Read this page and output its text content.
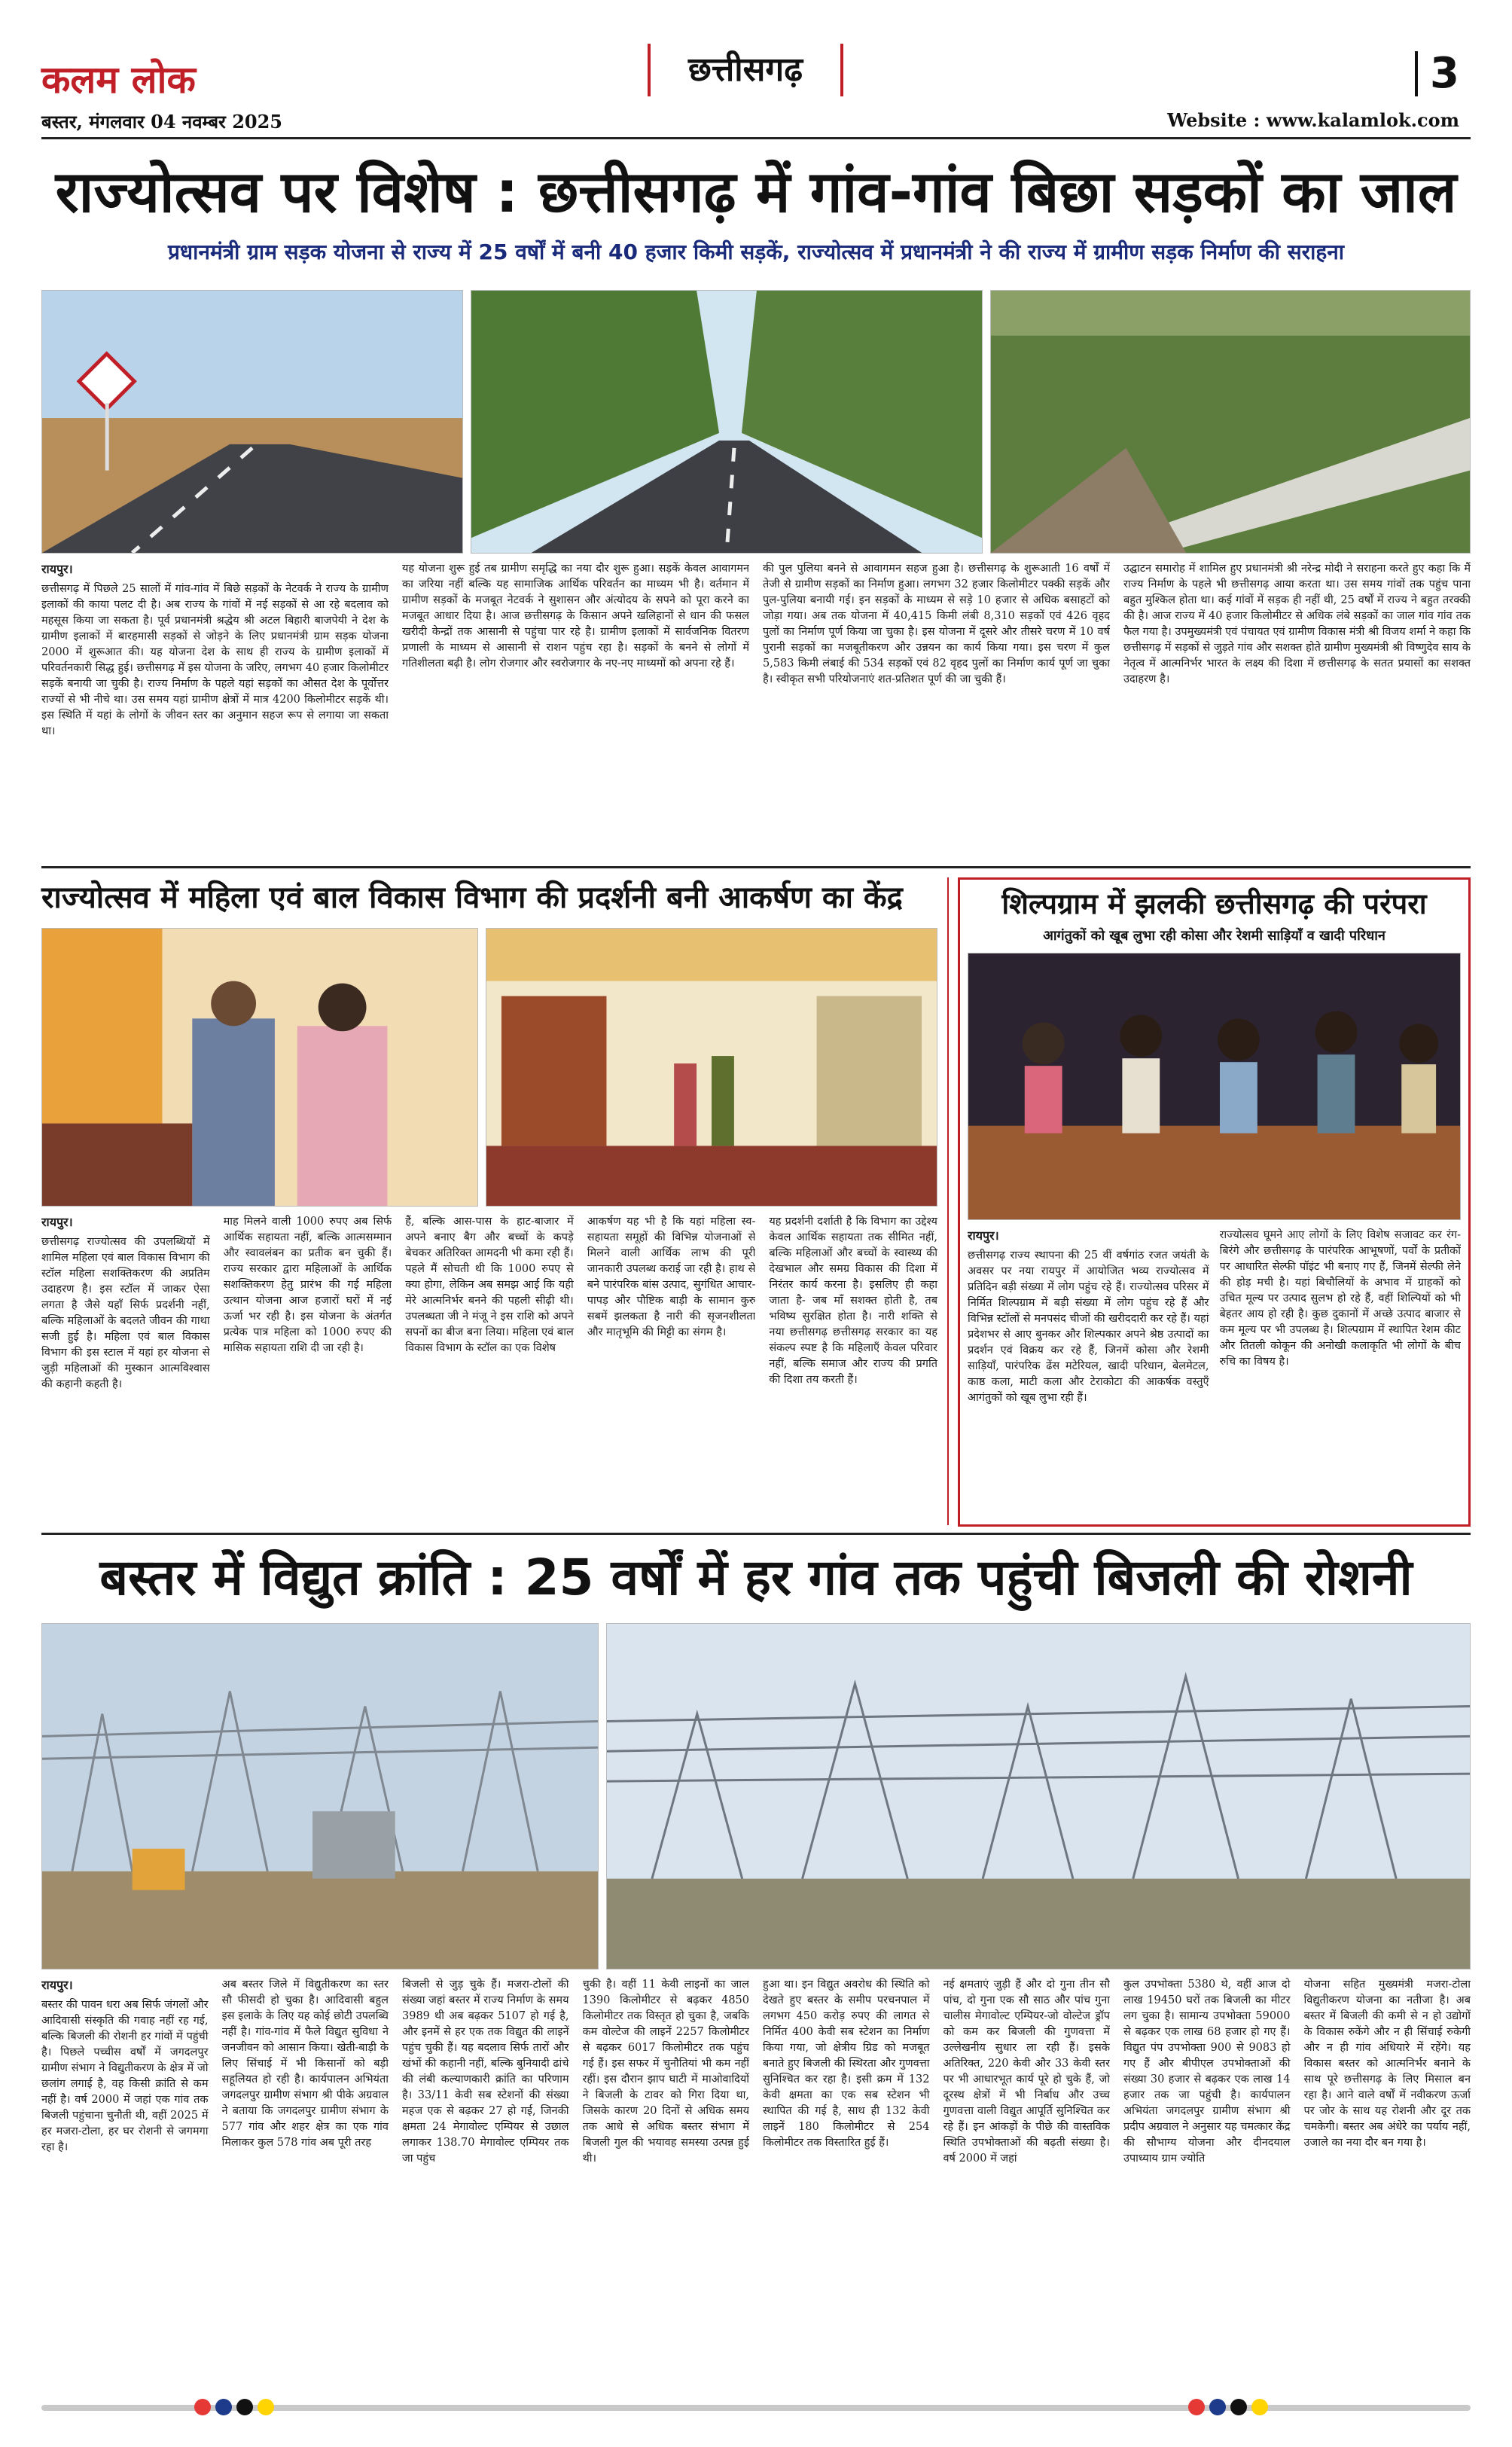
कलम लोक	छत्तीसगढ़	3
बस्तर, मंगलवार 04 नवम्बर 2025	Website : www.kalamlok.com
राज्योत्सव पर विशेष : छत्तीसगढ़ में गांव-गांव बिछा सड़कों का जाल
प्रधानमंत्री ग्राम सड़क योजना से राज्य में 25 वर्षों में बनी 40 हजार किमी सड़कें, राज्योत्सव में प्रधानमंत्री ने की राज्य में ग्रामीण सड़क निर्माण की सराहना
रायपुर।
छत्तीसगढ़ में पिछले 25 सालों में गांव-गांव में बिछे सड़कों के नेटवर्क ने राज्य के ग्रामीण इलाकों की काया पलट दी है। अब राज्य के गांवों में नई सड़कों से आ रहे बदलाव को महसूस किया जा सकता है। पूर्व प्रधानमंत्री श्रद्धेय श्री अटल बिहारी बाजपेयी ने देश के ग्रामीण इलाकों में बारहमासी सड़कों से जोड़ने के लिए प्रधानमंत्री ग्राम सड़क योजना 2000 में शुरूआत की। यह योजना देश के साथ ही राज्य के ग्रामीण इलाकों में परिवर्तनकारी सिद्ध हुई। छत्तीसगढ़ में इस योजना के जरिए, लगभग 40 हजार किलोमीटर सड़कें बनायी जा चुकी है। राज्य निर्माण के पहले यहां सड़कों का औसत देश के पूर्वोत्तर राज्यों से भी नीचे था। उस समय यहां ग्रामीण क्षेत्रों में मात्र 4200 किलोमीटर सड़कें थी। इस स्थिति में यहां के लोगों के जीवन स्तर का अनुमान सहज रूप से लगाया जा सकता था।
यह योजना शुरू हुई तब ग्रामीण समृद्धि का नया दौर शुरू हुआ। सड़कें केवल आवागमन का जरिया नहीं बल्कि यह सामाजिक आर्थिक परिवर्तन का माध्यम भी है। वर्तमान में ग्रामीण सड़कों के मजबूत नेटवर्क ने सुशासन और अंत्योदय के सपने को पूरा करने का मजबूत आधार दिया है। आज छत्तीसगढ़ के किसान अपने खलिहानों से धान की फसल खरीदी केन्द्रों तक आसानी से पहुंचा पार रहे है। ग्रामीण इलाकों में सार्वजनिक वितरण प्रणाली के माध्यम से आसानी से राशन पहुंच रहा है। सड़कों के बनने से लोगों में गतिशीलता बढ़ी है। लोग रोजगार और स्वरोजगार के नए-नए माध्यमों को अपना रहे हैं।
की पुल पुलिया बनने से आवागमन सहज हुआ है। छत्तीसगढ़ के शुरूआती 16 वर्षों में तेजी से ग्रामीण सड़कों का निर्माण हुआ। लगभग 32 हजार किलोमीटर पक्की सड़कें और पुल-पुलिया बनायी गई। इन सड़कों के माध्यम से सड़े 10 हजार से अधिक बसाहटों को जोड़ा गया। अब तक योजना में 40,415 किमी लंबी 8,310 सड़कों एवं 426 वृहद पुलों का निर्माण पूर्ण किया जा चुका है। इस योजना में दूसरे और तीसरे चरण में 10 वर्ष पुरानी सड़कों का मजबूतीकरण और उन्नयन का कार्य किया गया। इस चरण में कुल 5,583 किमी लंबाई की 534 सड़कों एवं 82 वृहद पुलों का निर्माण कार्य पूर्ण जा चुका है। स्वीकृत सभी परियोजनाएं शत-प्रतिशत पूर्ण की जा चुकी हैं।
उद्घाटन समारोह में शामिल हुए प्रधानमंत्री श्री नरेन्द्र मोदी ने सराहना करते हुए कहा कि मैं राज्य निर्माण के पहले भी छत्तीसगढ़ आया करता था। उस समय गांवों तक पहुंच पाना बहुत मुश्किल होता था। कई गांवों में सड़क ही नहीं थी, 25 वर्षों में राज्य ने बहुत तरक्की की है। आज राज्य में 40 हजार किलोमीटर से अधिक लंबे सड़कों का जाल गांव गांव तक फैल गया है। उपमुख्यमंत्री एवं पंचायत एवं ग्रामीण विकास मंत्री श्री विजय शर्मा ने कहा कि छत्तीसगढ़ में सड़कों से जुड़ते गांव और सशक्त होते ग्रामीण मुख्यमंत्री श्री विष्णुदेव साय के नेतृत्व में आत्मनिर्भर भारत के लक्ष्य की दिशा में छत्तीसगढ़ के सतत प्रयासों का सशक्त उदाहरण है।
राज्योत्सव में महिला एवं बाल विकास विभाग की प्रदर्शनी बनी आकर्षण का केंद्र
रायपुर।
छत्तीसगढ़ राज्योत्सव की उपलब्धियों में शामिल महिला एवं बाल विकास विभाग की स्टॉल महिला सशक्तिकरण की अप्रतिम उदाहरण है। इस स्टॉल में जाकर ऐसा लगता है जैसे यहाँ सिर्फ प्रदर्शनी नहीं, बल्कि महिलाओं के बदलते जीवन की गाथा सजी हुई है। महिला एवं बाल विकास विभाग की इस स्टाल में यहां हर योजना से जुड़ी महिलाओं की मुस्कान आत्मविश्वास की कहानी कहती है।
माह मिलने वाली 1000 रुपए अब सिर्फ आर्थिक सहायता नहीं, बल्कि आत्मसम्मान और स्वावलंबन का प्रतीक बन चुकी हैं। राज्य सरकार द्वारा महिलाओं के आर्थिक सशक्तिकरण हेतु प्रारंभ की गई महिला उत्थान योजना आज हजारों घरों में नई ऊर्जा भर रही है। इस योजना के अंतर्गत प्रत्येक पात्र महिला को 1000 रुपए की मासिक सहायता राशि दी जा रही है।
हैं, बल्कि आस-पास के हाट-बाजार में अपने बनाए बैग और बच्चों के कपड़े बेचकर अतिरिक्त आमदनी भी कमा रही हैं। पहले मैं सोचती थी कि 1000 रुपए से क्या होगा, लेकिन अब समझ आई कि यही मेरे आत्मनिर्भर बनने की पहली सीढ़ी थी। उपलब्धता जी ने मंजू ने इस राशि को अपने सपनों का बीज बना लिया। महिला एवं बाल विकास विभाग के स्टॉल का एक विशेष
आकर्षण यह भी है कि यहां महिला स्व-सहायता समूहों की विभिन्न योजनाओं से मिलने वाली आर्थिक लाभ की पूरी जानकारी उपलब्ध कराई जा रही है। हाथ से बने पारंपरिक बांस उत्पाद, सुगंधित आचार-पापड़ और पौष्टिक बाड़ी के सामान कुरु सबमें झलकता है नारी की सृजनशीलता और मातृभूमि की मिट्टी का संगम है।
यह प्रदर्शनी दर्शाती है कि विभाग का उद्देश्य केवल आर्थिक सहायता तक सीमित नहीं, बल्कि महिलाओं और बच्चों के स्वास्थ्य की देखभाल और समग्र विकास की दिशा में निरंतर कार्य करना है। इसलिए ही कहा जाता है- जब माँ सशक्त होती है, तब भविष्य सुरक्षित होता है। नारी शक्ति से नया छत्तीसगढ़ छत्तीसगढ़ सरकार का यह संकल्प स्पष्ट है कि महिलाएँ केवल परिवार नहीं, बल्कि समाज और राज्य की प्रगति की दिशा तय करती हैं।
शिल्पग्राम में झलकी छत्तीसगढ़ की परंपरा
आगंतुकों को खूब लुभा रही कोसा और रेशमी साड़ियाँ व खादी परिधान
रायपुर।
छत्तीसगढ़ राज्य स्थापना की 25 वीं वर्षगांठ रजत जयंती के अवसर पर नया रायपुर में आयोजित भव्य राज्योत्सव में प्रतिदिन बड़ी संख्या में लोग पहुंच रहे हैं। राज्योत्सव परिसर में निर्मित शिल्पग्राम में बड़ी संख्या में लोग पहुंच रहे हैं और विभिन्न स्टॉलों से मनपसंद चीजों की खरीददारी कर रहे हैं। यहां प्रदेशभर से आए बुनकर और शिल्पकार अपने श्रेष्ठ उत्पादों का प्रदर्शन एवं विक्रय कर रहे हैं, जिनमें कोसा और रेशमी साड़ियाँ, पारंपरिक ढेंस मटेरियल, खादी परिधान, बेलमेटल, काष्ठ कला, माटी कला और टेराकोटा की आकर्षक वस्तुएँ आगंतुकों को खूब लुभा रही हैं।
राज्योत्सव घूमने आए लोगों के लिए विशेष सजावट कर रंग-बिरंगे और छत्तीसगढ़ के पारंपरिक आभूषणों, पर्वों के प्रतीकों पर आधारित सेल्फी पॉइंट भी बनाए गए हैं, जिनमें सेल्फी लेने की होड़ मची है। यहां बिचौलियों के अभाव में ग्राहकों को उचित मूल्य पर उत्पाद सुलभ हो रहे हैं, वहीं शिल्पियों को भी बेहतर आय हो रही है। कुछ दुकानों में अच्छे उत्पाद बाजार से कम मूल्य पर भी उपलब्ध है। शिल्पग्राम में स्थापित रेशम कीट और तितली कोकून की अनोखी कलाकृति भी लोगों के बीच रुचि का विषय है।
बस्तर में विद्युत क्रांति : 25 वर्षों में हर गांव तक पहुंची बिजली की रोशनी
रायपुर।
बस्तर की पावन धरा अब सिर्फ जंगलों और आदिवासी संस्कृति की गवाह नहीं रह गई, बल्कि बिजली की रोशनी हर गांवों में पहुंची है। पिछले पच्चीस वर्षों में जगदलपुर ग्रामीण संभाग ने विद्युतीकरण के क्षेत्र में जो छलांग लगाई है, वह किसी क्रांति से कम नहीं है। वर्ष 2000 में जहां एक गांव तक बिजली पहुंचाना चुनौती थी, वहीं 2025 में हर मजरा-टोला, हर घर रोशनी से जगमगा रहा है।
अब बस्तर जिले में विद्युतीकरण का स्तर सौ फीसदी हो चुका है। आदिवासी बहुल इस इलाके के लिए यह कोई छोटी उपलब्धि नहीं है। गांव-गांव में फैले विद्युत सुविधा ने जनजीवन को आसान किया। खेती-बाड़ी के लिए सिंचाई में भी किसानों को बड़ी सहूलियत हो रही है। कार्यपालन अभियंता जगदलपुर ग्रामीण संभाग श्री पीके अग्रवाल ने बताया कि जगदलपुर ग्रामीण संभाग के 577 गांव और शहर क्षेत्र का एक गांव मिलाकर कुल 578 गांव अब पूरी तरह
बिजली से जुड़ चुके हैं। मजरा-टोलों की संख्या जहां बस्तर में राज्य निर्माण के समय 3989 थी अब बढ़कर 5107 हो गई है, और इनमें से हर एक तक विद्युत की लाइनें पहुंच चुकी हैं। यह बदलाव सिर्फ तारों और खंभों की कहानी नहीं, बल्कि बुनियादी ढांचे की लंबी कल्याणकारी क्रांति का परिणाम है। 33/11 केवी सब स्टेशनों की संख्या महज एक से बढ़कर 27 हो गई, जिनकी क्षमता 24 मेगावोल्ट एम्पियर से उछाल लगाकर 138.70 मेगावोल्ट एम्पियर तक जा पहुंच
चुकी है। वहीं 11 केवी लाइनों का जाल 1390 किलोमीटर से बढ़कर 4850 किलोमीटर तक विस्तृत हो चुका है, जबकि कम वोल्टेज की लाइनें 2257 किलोमीटर से बढ़कर 6017 किलोमीटर तक पहुंच गई हैं। इस सफर में चुनौतियां भी कम नहीं रहीं। इस दौरान झाप घाटी में माओवादियों ने बिजली के टावर को गिरा दिया था, जिसके कारण 20 दिनों से अधिक समय तक आधे से अधिक बस्तर संभाग में बिजली गुल की भयावह समस्या उत्पन्न हुई थी।
हुआ था। इन विद्युत अवरोध की स्थिति को देखते हुए बस्तर के समीप परचनपाल में लगभग 450 करोड़ रुपए की लागत से निर्मित 400 केवी सब स्टेशन का निर्माण किया गया, जो क्षेत्रीय ग्रिड को मजबूत बनाते हुए बिजली की स्थिरता और गुणवत्ता सुनिश्चित कर रहा है। इसी क्रम में 132 केवी क्षमता का एक सब स्टेशन भी स्थापित की गई है, साथ ही 132 केवी लाइनें 180 किलोमीटर से 254 किलोमीटर तक विस्तारित हुई हैं।
नई क्षमताएं जुड़ी हैं और दो गुना तीन सौ पांच, दो गुना एक सौ साठ और पांच गुना चालीस मेगावोल्ट एम्पियर-जो वोल्टेज ड्रॉप को कम कर बिजली की गुणवत्ता में उल्लेखनीय सुधार ला रही हैं। इसके अतिरिक्त, 220 केवी और 33 केवी स्तर पर भी आधारभूत कार्य पूरे हो चुके हैं, जो दूरस्थ क्षेत्रों में भी निर्बाध और उच्च गुणवत्ता वाली विद्युत आपूर्ति सुनिश्चित कर रहे हैं। इन आंकड़ों के पीछे की वास्तविक स्थिति उपभोक्ताओं की बढ़ती संख्या है। वर्ष 2000 में जहां
कुल उपभोक्ता 5380 थे, वहीं आज दो लाख 19450 घरों तक बिजली का मीटर लग चुका है। सामान्य उपभोक्ता 59000 से बढ़कर एक लाख 68 हजार हो गए हैं। विद्युत पंप उपभोक्ता 900 से 9083 हो गए हैं और बीपीएल उपभोक्ताओं की संख्या 30 हजार से बढ़कर एक लाख 14 हजार तक जा पहुंची है। कार्यपालन अभियंता जगदलपुर ग्रामीण संभाग श्री प्रदीप अग्रवाल ने अनुसार यह चमत्कार केंद्र की सौभाग्य योजना और दीनदयाल उपाध्याय ग्राम ज्योति
योजना सहित मुख्यमंत्री मजरा-टोला विद्युतीकरण योजना का नतीजा है। अब बस्तर में बिजली की कमी से न हो उद्योगों के विकास रुकेंगे और न ही सिंचाई रुकेगी और न ही गांव अंधियारे में रहेंगे। यह विकास बस्तर को आत्मनिर्भर बनाने के साथ पूरे छत्तीसगढ़ के लिए मिसाल बन रहा है। आने वाले वर्षों में नवीकरण ऊर्जा पर जोर के साथ यह रोशनी और दूर तक चमकेगी। बस्तर अब अंधेरे का पर्याय नहीं, उजाले का नया दौर बन गया है।
